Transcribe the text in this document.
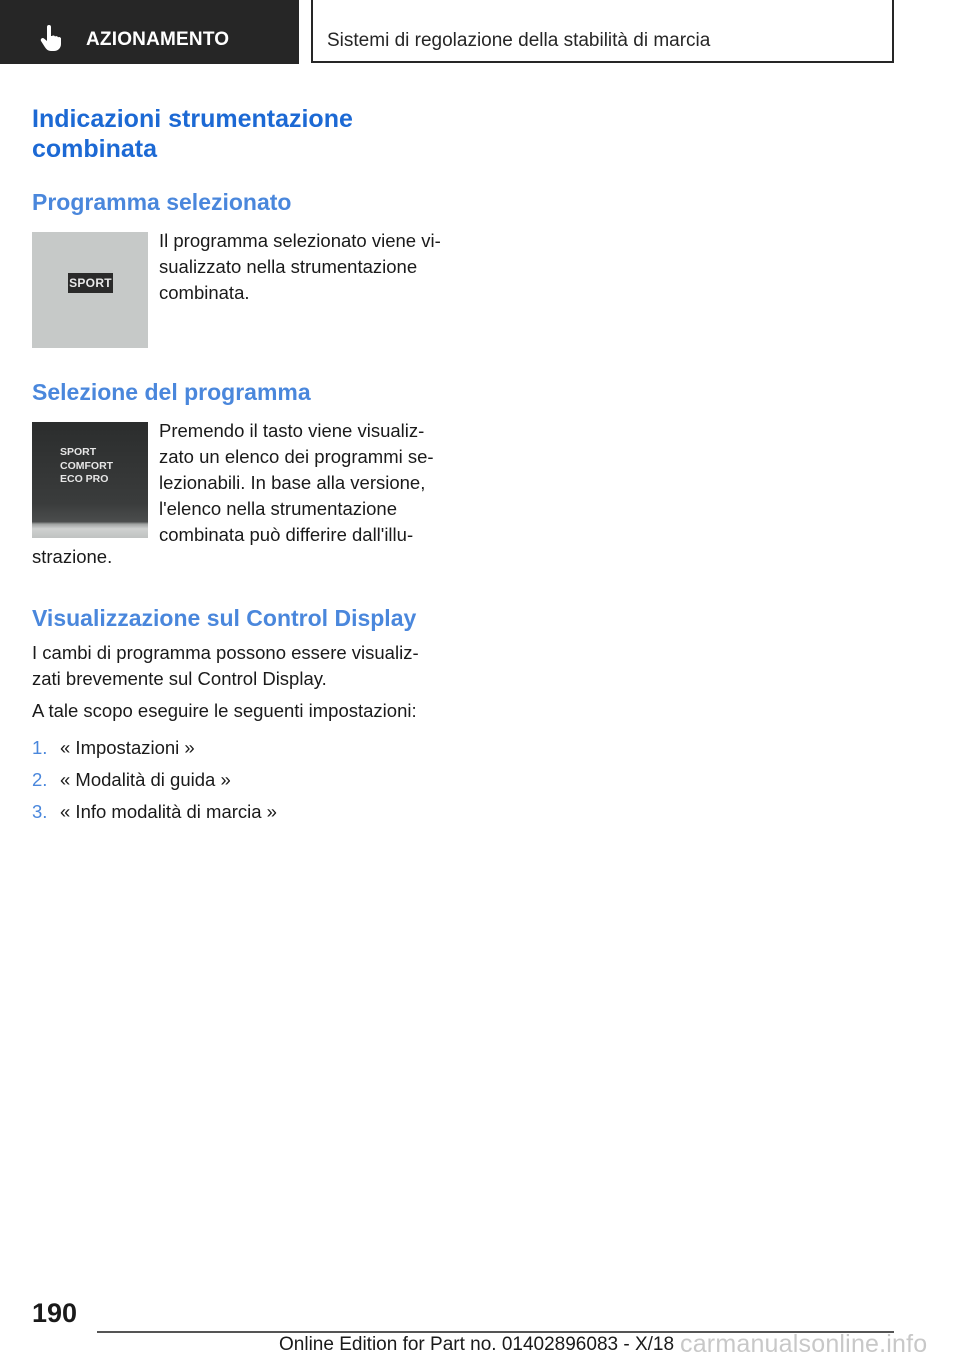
AZIONAMENTO	Sistemi di regolazione della stabilità di marcia
Indicazioni strumentazione combinata
Programma selezionato
SPORT

Il programma selezionato viene vi-
sualizzato nella strumentazione
combinata.

Selezione del programma
SPORT
COMFORT
ECO PRO

Premendo il tasto viene visualiz-
zato un elenco dei programmi se-
lezionabili. In base alla versione,
l'elenco nella strumentazione
combinata può differire dall'illu-

strazione.

Visualizzazione sul Control Display

I cambi di programma possono essere visualiz-
zati brevemente sul Control Display.

A tale scopo eseguire le seguenti impostazioni:

1. « Impostazioni »
2. « Modalità di guida »
3. « Info modalità di marcia »
190
Online Edition for Part no. 01402896083 - X/18 carmanualsonline.info
